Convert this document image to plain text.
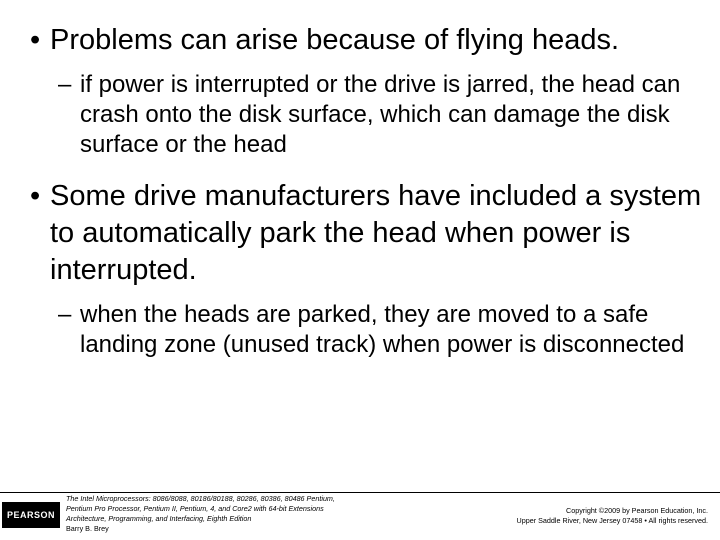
• Problems can arise because of flying heads.
– if power is interrupted or the drive is jarred, the head can crash onto the disk surface, which can damage the disk surface or the head
• Some drive manufacturers have included a system to automatically park the head when power is interrupted.
– when the heads are parked, they are moved to a safe landing zone (unused track) when power is disconnected
PEARSON
The Intel Microprocessors: 8086/8088, 80186/80188, 80286, 80386, 80486 Pentium,
Pentium Pro Processor, Pentium II, Pentium, 4, and Core2 with 64-bit Extensions
Architecture, Programming, and Interfacing, Eighth Edition
Barry B. Brey
Copyright ©2009 by Pearson Education, Inc.
Upper Saddle River, New Jersey 07458 • All rights reserved.
